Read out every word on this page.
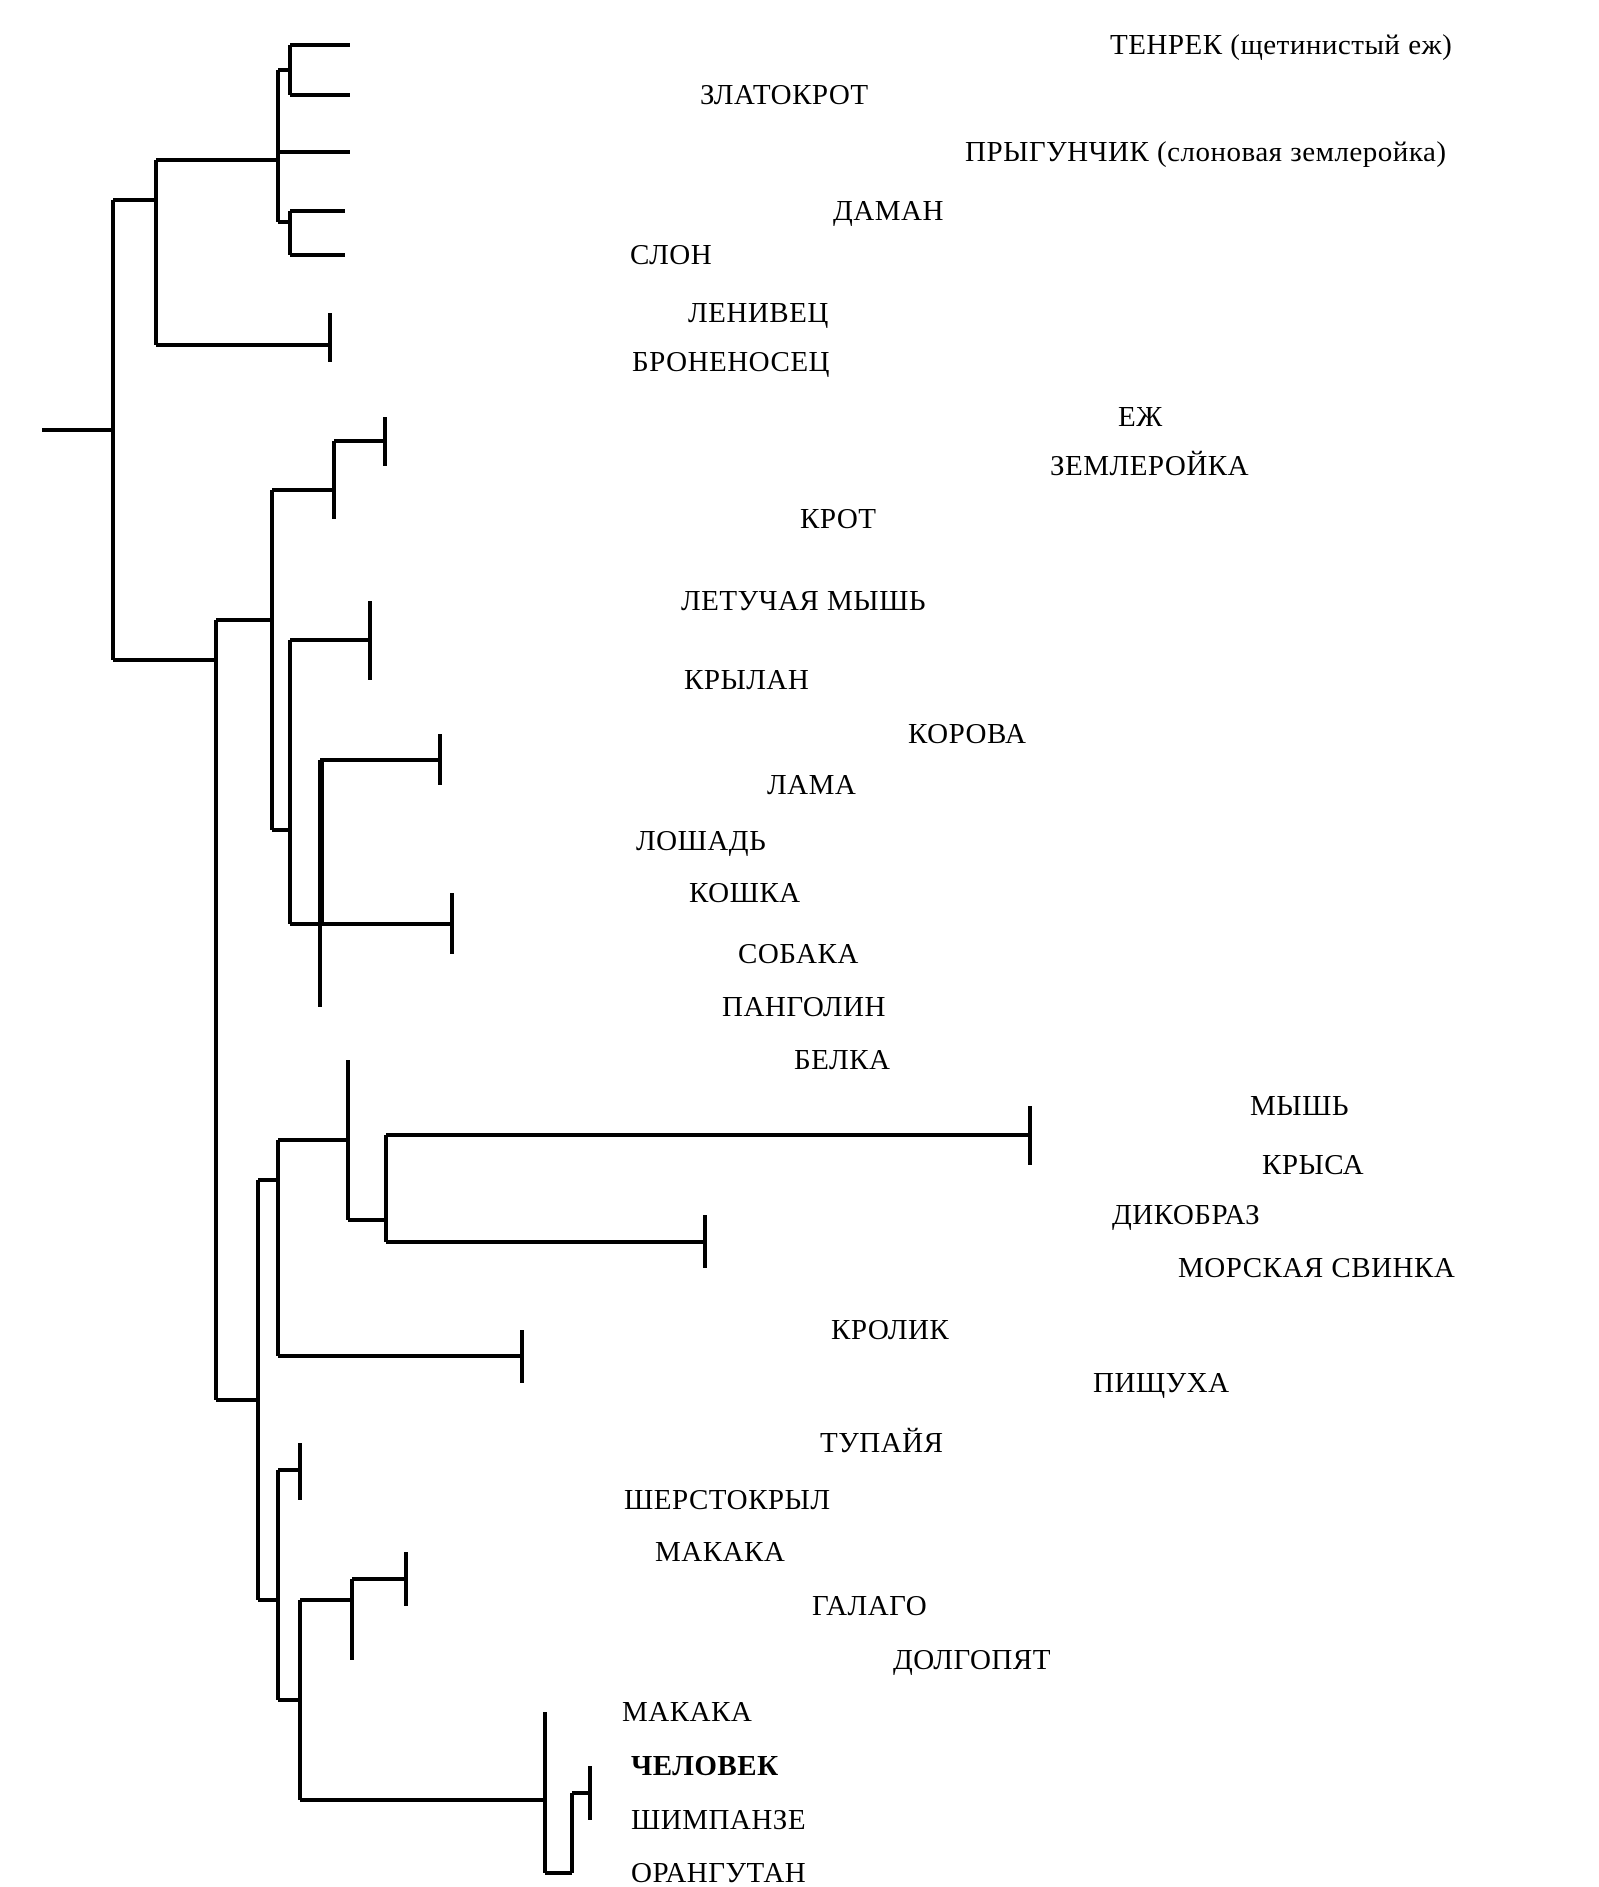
ТЕНРЕК (щетинистый еж)
ЗЛАТОКРОТ
ПРЫГУНЧИК (слоновая землеройка)
ДАМАН
СЛОН
ЛЕНИВЕЦ
БРОНЕНОСЕЦ
ЕЖ
ЗЕМЛЕРОЙКА
КРОТ
ЛЕТУЧАЯ МЫШЬ
КРЫЛАН
КОРОВА
ЛАМА
ЛОШАДЬ
КОШКА
СОБАКА
ПАНГОЛИН
БЕЛКА
МЫШЬ
КРЫСА
ДИКОБРАЗ
МОРСКАЯ СВИНКА
КРОЛИК
ПИЩУХА
ТУПАЙЯ
ШЕРСТОКРЫЛ
МАКАКА
ГАЛАГО
ДОЛГОПЯТ
МАКАКА
ЧЕЛОВЕК
ШИМПАНЗЕ
ОРАНГУТАН
